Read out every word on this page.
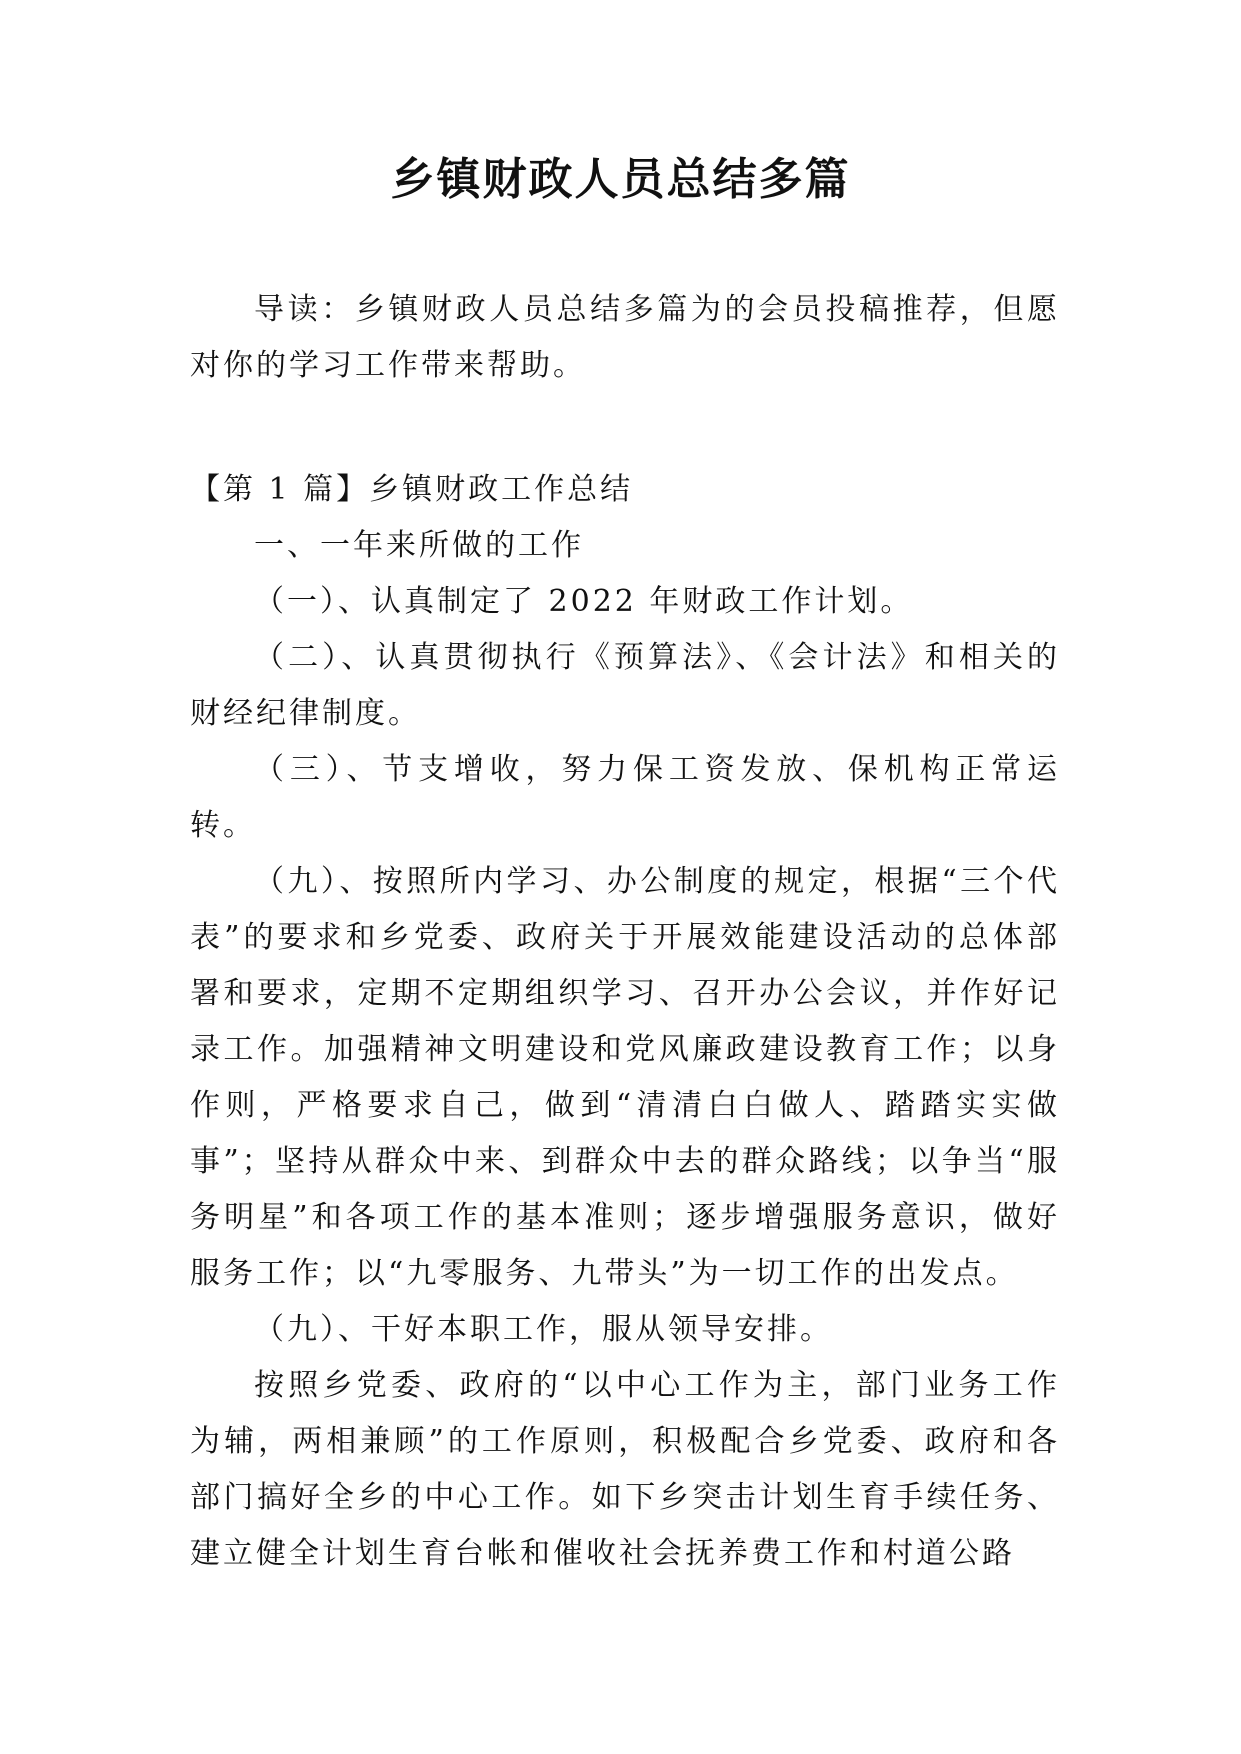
乡镇财政人员总结多篇

导读：乡镇财政人员总结多篇为的会员投稿推荐，但愿对你的学习工作带来帮助。

【第 1 篇】乡镇财政工作总结

一、一年来所做的工作

（一）、认真制定了 2022 年财政工作计划。

（二）、认真贯彻执行《预算法》、《会计法》和相关的财经纪律制度。

（三）、节支增收，努力保工资发放、保机构正常运转。

（九）、按照所内学习、办公制度的规定，根据“三个代表”的要求和乡党委、政府关于开展效能建设活动的总体部署和要求，定期不定期组织学习、召开办公会议，并作好记录工作。加强精神文明建设和党风廉政建设教育工作；以身作则，严格要求自己，做到“清清白白做人、踏踏实实做事”；坚持从群众中来、到群众中去的群众路线；以争当“服务明星”和各项工作的基本准则；逐步增强服务意识，做好服务工作；以“九零服务、九带头”为一切工作的出发点。

（九）、干好本职工作，服从领导安排。

按照乡党委、政府的“以中心工作为主，部门业务工作为辅，两相兼顾”的工作原则，积极配合乡党委、政府和各部门搞好全乡的中心工作。如下乡突击计划生育手续任务、建立健全计划生育台帐和催收社会抚养费工作和村道公路
